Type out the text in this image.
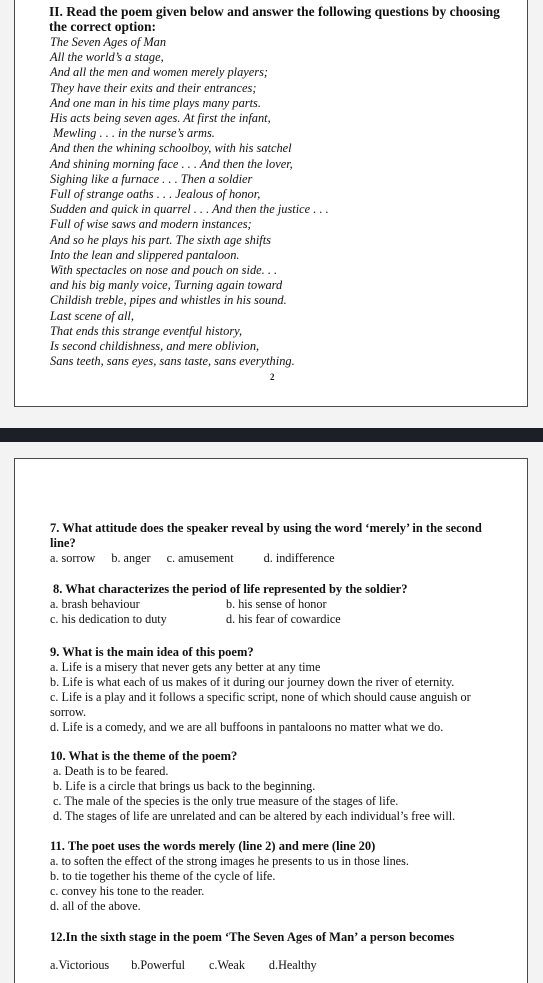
II. Read the poem given below and answer the following questions by choosing the correct option:
The Seven Ages of Man
All the world’s a stage,
And all the men and women merely players;
They have their exits and their entrances;
And one man in his time plays many parts.
His acts being seven ages. At first the infant,
Mewling . . . in the nurse’s arms.
And then the whining schoolboy, with his satchel
And shining morning face . . . And then the lover,
Sighing like a furnace . . . Then a soldier
Full of strange oaths . . . Jealous of honor,
Sudden and quick in quarrel . . . And then the justice . . .
Full of wise saws and modern instances;
And so he plays his part. The sixth age shifts
Into the lean and slippered pantaloon.
With spectacles on nose and pouch on side. . .
and his big manly voice, Turning again toward
Childish treble, pipes and whistles in his sound.
Last scene of all,
That ends this strange eventful history,
Is second childishness, and mere oblivion,
Sans teeth, sans eyes, sans taste, sans everything.
2
7. What attitude does the speaker reveal by using the word ‘merely’ in the second line?
a. sorrow b. anger c. amusement d. indifference
8. What characterizes the period of life represented by the soldier?
a. brash behaviour	b. his sense of honor
c. his dedication to duty	d. his fear of cowardice
9. What is the main idea of this poem?
a. Life is a misery that never gets any better at any time
b. Life is what each of us makes of it during our journey down the river of eternity.
c. Life is a play and it follows a specific script, none of which should cause anguish or sorrow.
d. Life is a comedy, and we are all buffoons in pantaloons no matter what we do.
10. What is the theme of the poem?
a. Death is to be feared.
b. Life is a circle that brings us back to the beginning.
c. The male of the species is the only true measure of the stages of life.
d. The stages of life are unrelated and can be altered by each individual’s free will.
11. The poet uses the words merely (line 2) and mere (line 20)
a. to soften the effect of the strong images he presents to us in those lines.
b. to tie together his theme of the cycle of life.
c. convey his tone to the reader.
d. all of the above.
12.In the sixth stage in the poem ‘The Seven Ages of Man’ a person becomes
a.Victorious b.Powerful c.Weak d.Healthy
